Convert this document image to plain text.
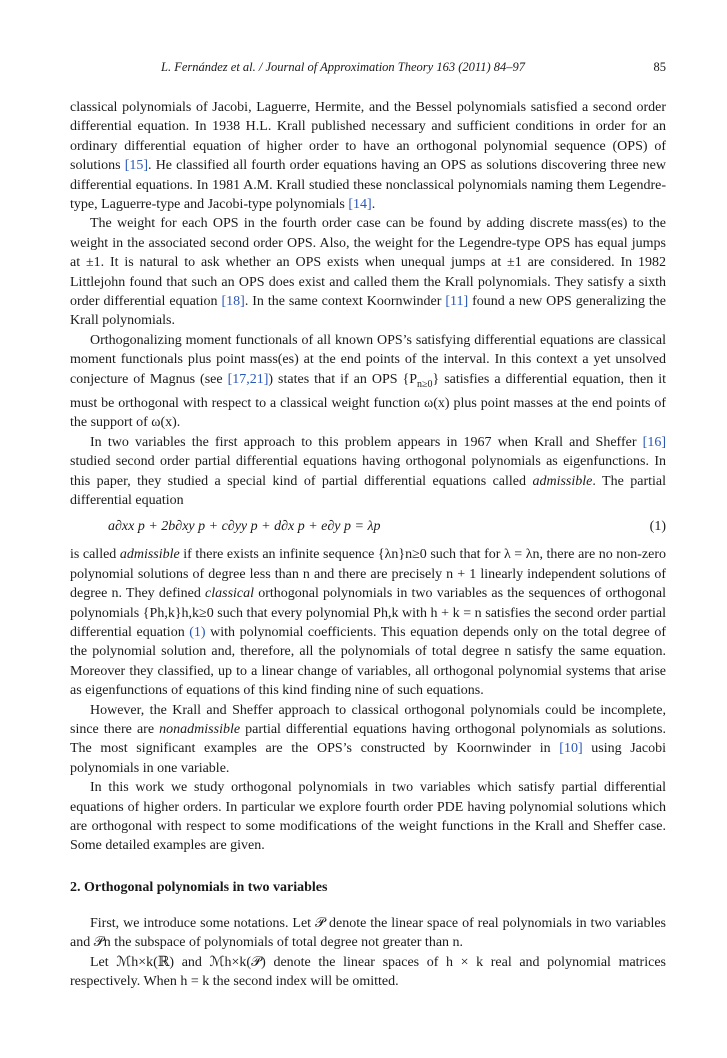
L. Fernández et al. / Journal of Approximation Theory 163 (2011) 84–97	85

classical polynomials of Jacobi, Laguerre, Hermite, and the Bessel polynomials satisfied a second order differential equation. In 1938 H.L. Krall published necessary and sufficient conditions in order for an ordinary differential equation of higher order to have an orthogonal polynomial sequence (OPS) of solutions [15]. He classified all fourth order equations having an OPS as solutions discovering three new differential equations. In 1981 A.M. Krall studied these nonclassical polynomials naming them Legendre-type, Laguerre-type and Jacobi-type polynomials [14].

The weight for each OPS in the fourth order case can be found by adding discrete mass(es) to the weight in the associated second order OPS. Also, the weight for the Legendre-type OPS has equal jumps at ±1. It is natural to ask whether an OPS exists when unequal jumps at ±1 are considered. In 1982 Littlejohn found that such an OPS does exist and called them the Krall polynomials. They satisfy a sixth order differential equation [18]. In the same context Koornwinder [11] found a new OPS generalizing the Krall polynomials.

Orthogonalizing moment functionals of all known OPS’s satisfying differential equations are classical moment functionals plus point mass(es) at the end points of the interval. In this context a yet unsolved conjecture of Magnus (see [17,21]) states that if an OPS $\{P_{n\ge 0}\}$ satisfies a differential equation, then it must be orthogonal with respect to a classical weight function ω(x) plus point masses at the end points of the support of ω(x).

In two variables the first approach to this problem appears in 1967 when Krall and Sheffer [16] studied second order partial differential equations having orthogonal polynomials as eigenfunctions. In this paper, they studied a special kind of partial differential equations called admissible. The partial differential equation

a∂xx p + 2b∂xy p + c∂yy p + d∂x p + e∂y p = λp	(1)

is called admissible if there exists an infinite sequence {λn}n≥0 such that for λ = λn, there are no non-zero polynomial solutions of degree less than n and there are precisely n + 1 linearly independent solutions of degree n. They defined classical orthogonal polynomials in two variables as the sequences of orthogonal polynomials {Ph,k}h,k≥0 such that every polynomial Ph,k with h + k = n satisfies the second order partial differential equation (1) with polynomial coefficients. This equation depends only on the total degree of the polynomial solution and, therefore, all the polynomials of total degree n satisfy the same equation. Moreover they classified, up to a linear change of variables, all orthogonal polynomial systems that arise as eigenfunctions of equations of this kind finding nine of such equations.

However, the Krall and Sheffer approach to classical orthogonal polynomials could be incomplete, since there are nonadmissible partial differential equations having orthogonal polynomials as solutions. The most significant examples are the OPS’s constructed by Koornwinder in [10] using Jacobi polynomials in one variable.

In this work we study orthogonal polynomials in two variables which satisfy partial differential equations of higher orders. In particular we explore fourth order PDE having polynomial solutions which are orthogonal with respect to some modifications of the weight functions in the Krall and Sheffer case. Some detailed examples are given.

2. Orthogonal polynomials in two variables

First, we introduce some notations. Let 𝒫 denote the linear space of real polynomials in two variables and 𝒫n the subspace of polynomials of total degree not greater than n.

Let ℳh×k(ℝ) and ℳh×k(𝒫) denote the linear spaces of h × k real and polynomial matrices respectively. When h = k the second index will be omitted.
